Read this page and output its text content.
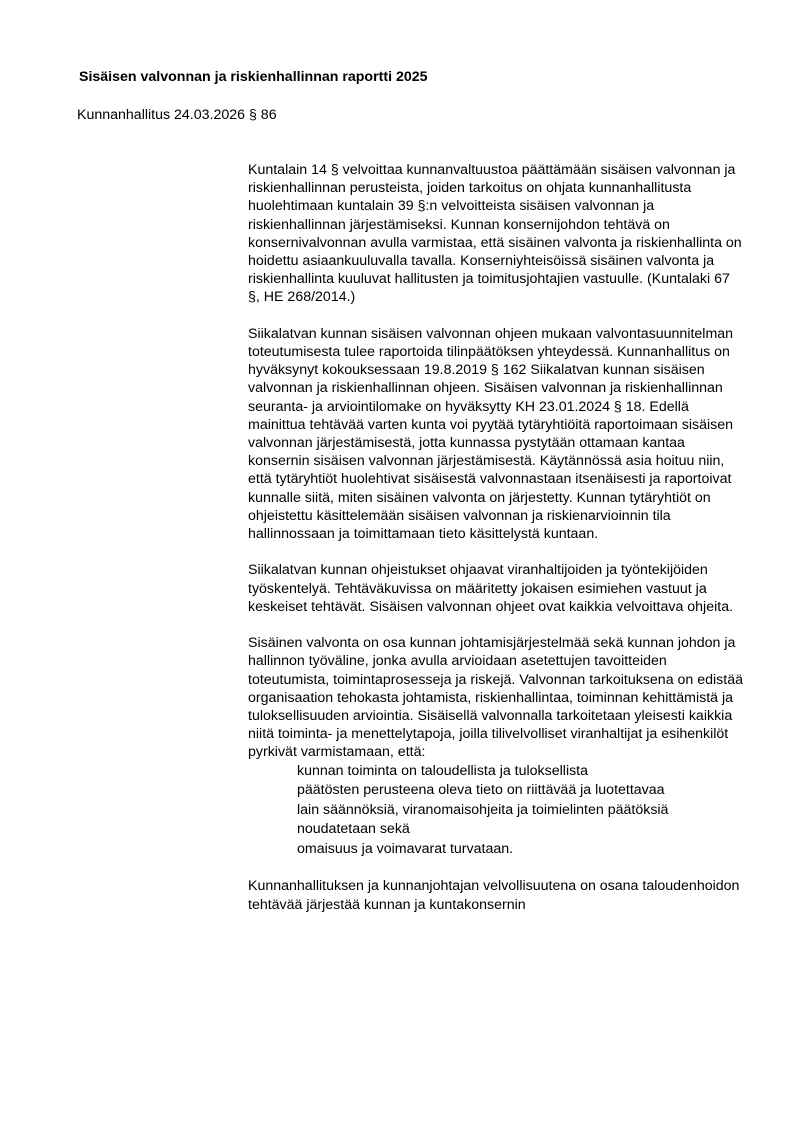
Sisäisen valvonnan ja riskienhallinnan raportti 2025

Kunnanhallitus 24.03.2026 § 86

Kuntalain 14 § velvoittaa kunnanvaltuustoa päättämään sisäisen valvonnan ja riskienhallinnan perusteista, joiden tarkoitus on ohjata kunnanhallitusta huolehtimaan kuntalain 39 §:n velvoitteista sisäisen valvonnan ja riskienhallinnan järjestämiseksi. Kunnan konsernijohdon tehtävä on konsernivalvonnan avulla varmistaa, että sisäinen valvonta ja riskienhallinta on hoidettu asiaankuuluvalla tavalla. Konserniyhteisöissä sisäinen valvonta ja riskienhallinta kuuluvat hallitusten ja toimitusjohtajien vastuulle. (Kuntalaki 67 §, HE 268/2014.)

Siikalatvan kunnan sisäisen valvonnan ohjeen mukaan valvontasuunnitelman toteutumisesta tulee raportoida tilinpäätöksen yhteydessä. Kunnanhallitus on hyväksynyt kokouksessaan 19.8.2019 § 162 Siikalatvan kunnan sisäisen valvonnan ja riskienhallinnan ohjeen. Sisäisen valvonnan ja riskienhallinnan seuranta- ja arviointilomake on hyväksytty KH 23.01.2024 § 18. Edellä mainittua tehtävää varten kunta voi pyytää tytäryhtiöitä raportoimaan sisäisen valvonnan järjestämisestä, jotta kunnassa pystytään ottamaan kantaa konsernin sisäisen valvonnan järjestämisestä. Käytännössä asia hoituu niin, että tytäryhtiöt huolehtivat sisäisestä valvonnastaan itsenäisesti ja raportoivat kunnalle siitä, miten sisäinen valvonta on järjestetty. Kunnan tytäryhtiöt on ohjeistettu käsittelemään sisäisen valvonnan ja riskienarvioinnin tila hallinnossaan ja toimittamaan tieto käsittelystä kuntaan.

Siikalatvan kunnan ohjeistukset ohjaavat viranhaltijoiden ja työntekijöiden työskentelyä. Tehtäväkuvissa on määritetty jokaisen esimiehen vastuut ja keskeiset tehtävät. Sisäisen valvonnan ohjeet ovat kaikkia velvoittava ohjeita.

Sisäinen valvonta on osa kunnan johtamisjärjestelmää sekä kunnan johdon ja hallinnon työväline, jonka avulla arvioidaan asetettujen tavoitteiden toteutumista, toimintaprosesseja ja riskejä. Valvonnan tarkoituksena on edistää organisaation tehokasta johtamista, riskienhallintaa, toiminnan kehittämistä ja tuloksellisuuden arviointia. Sisäisellä valvonnalla tarkoitetaan yleisesti kaikkia niitä toiminta- ja menettelytapoja, joilla tilivelvolliset viranhaltijat ja esihenkilöt pyrkivät varmistamaan, että:

kunnan toiminta on taloudellista ja tuloksellista
päätösten perusteena oleva tieto on riittävää ja luotettavaa
lain säännöksiä, viranomaisohjeita ja toimielinten päätöksiä noudatetaan sekä
omaisuus ja voimavarat turvataan.

Kunnanhallituksen ja kunnanjohtajan velvollisuutena on osana taloudenhoidon tehtävää järjestää kunnan ja kuntakonsernin
